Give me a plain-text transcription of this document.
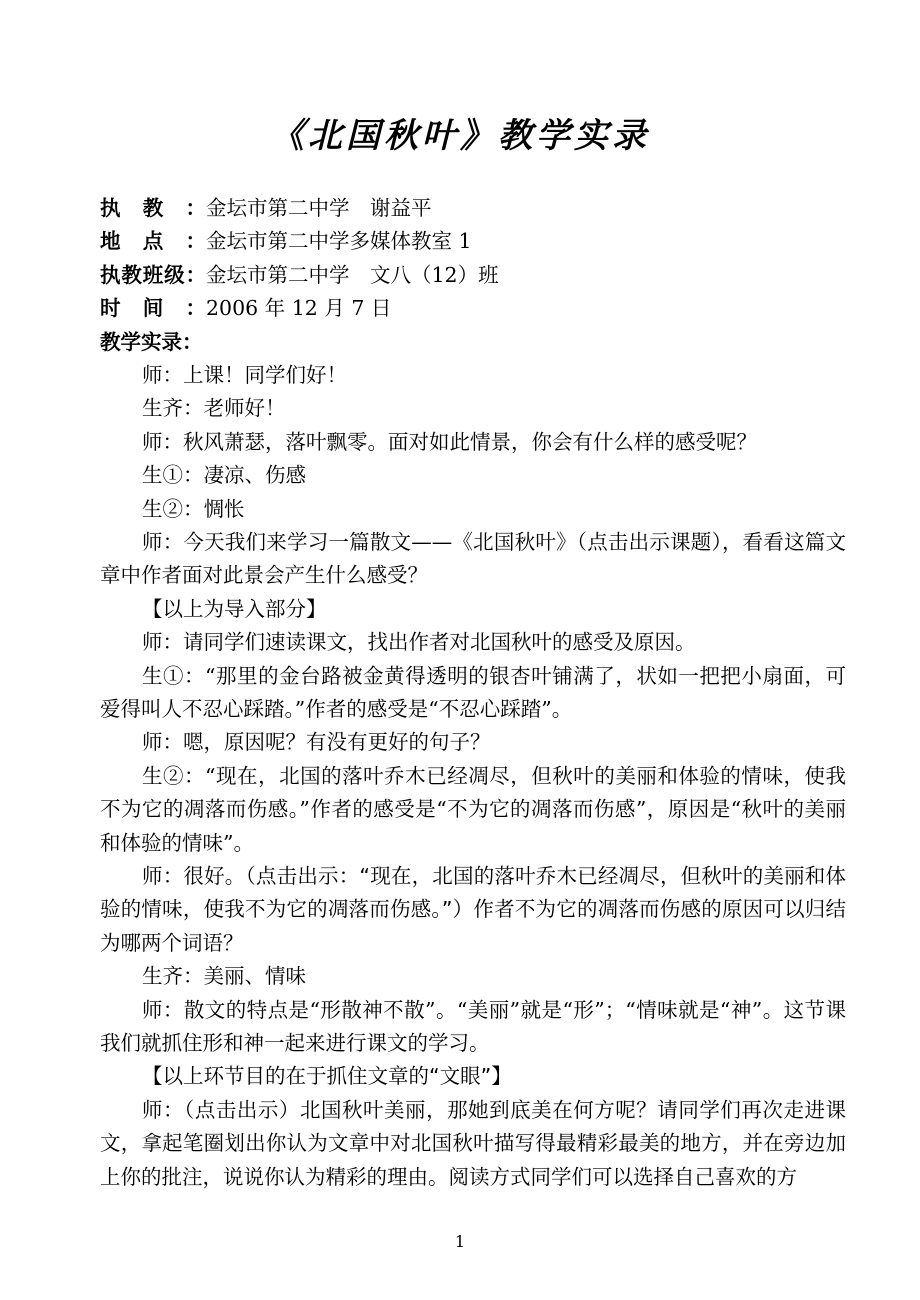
《北国秋叶》教学实录
执教：金坛市第二中学　谢益平
地点：金坛市第二中学多媒体教室 1
执教班级：金坛市第二中学　文八（12）班
时间：2006 年 12 月 7 日
教学实录：
师：上课！同学们好！
生齐：老师好！
师：秋风萧瑟，落叶飘零。面对如此情景，你会有什么样的感受呢？
生①：凄凉、伤感
生②：惆怅
师：今天我们来学习一篇散文——《北国秋叶》（点击出示课题），看看这篇文章中作者面对此景会产生什么感受？
【以上为导入部分】
师：请同学们速读课文，找出作者对北国秋叶的感受及原因。
生①：“那里的金台路被金黄得透明的银杏叶铺满了，状如一把把小扇面，可爱得叫人不忍心踩踏。”作者的感受是“不忍心踩踏”。
师：嗯，原因呢？有没有更好的句子？
生②：“现在，北国的落叶乔木已经凋尽，但秋叶的美丽和体验的情味，使我不为它的凋落而伤感。”作者的感受是“不为它的凋落而伤感”，原因是“秋叶的美丽和体验的情味”。
师：很好。（点击出示：“现在，北国的落叶乔木已经凋尽，但秋叶的美丽和体验的情味，使我不为它的凋落而伤感。”）作者不为它的凋落而伤感的原因可以归结为哪两个词语？
生齐：美丽、情味
师：散文的特点是“形散神不散”。“美丽”就是“形”；“情味就是“神”。这节课我们就抓住形和神一起来进行课文的学习。
【以上环节目的在于抓住文章的“文眼”】
师：（点击出示）北国秋叶美丽，那她到底美在何方呢？请同学们再次走进课文，拿起笔圈划出你认为文章中对北国秋叶描写得最精彩最美的地方，并在旁边加上你的批注，说说你认为精彩的理由。阅读方式同学们可以选择自己喜欢的方
1
